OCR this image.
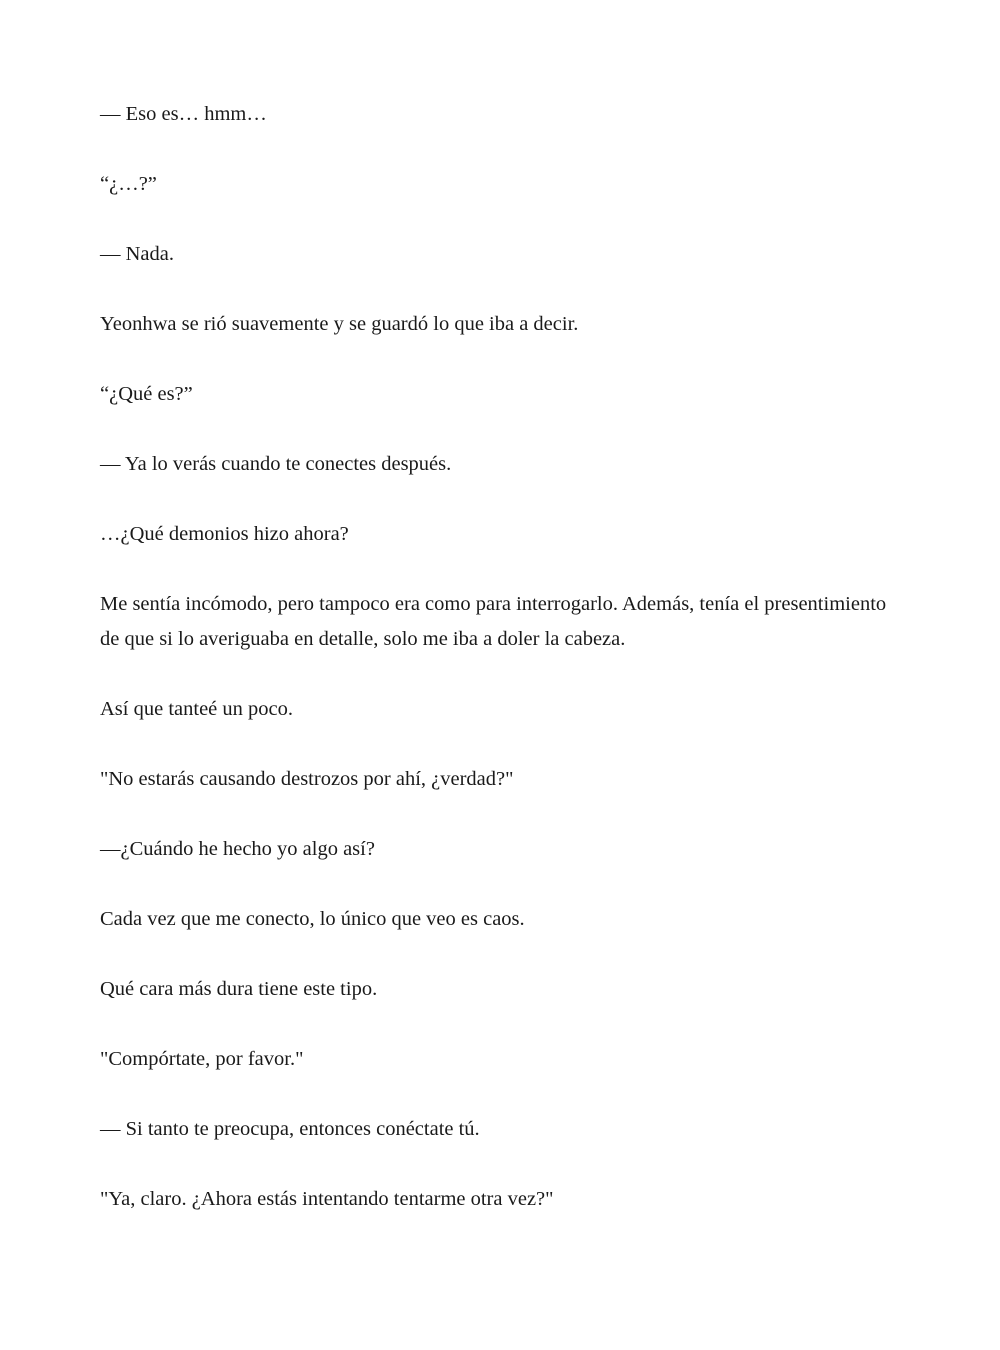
— Eso es… hmm…

“¿…?”

— Nada.

Yeonhwa se rió suavemente y se guardó lo que iba a decir.

“¿Qué es?”

— Ya lo verás cuando te conectes después.

…¿Qué demonios hizo ahora?

Me sentía incómodo, pero tampoco era como para interrogarlo. Además, tenía el presentimiento de que si lo averiguaba en detalle, solo me iba a doler la cabeza.

Así que tanteé un poco.

"No estarás causando destrozos por ahí, ¿verdad?"

—¿Cuándo he hecho yo algo así?

Cada vez que me conecto, lo único que veo es caos.

Qué cara más dura tiene este tipo.

"Compórtate, por favor."

— Si tanto te preocupa, entonces conéctate tú.

"Ya, claro. ¿Ahora estás intentando tentarme otra vez?"
